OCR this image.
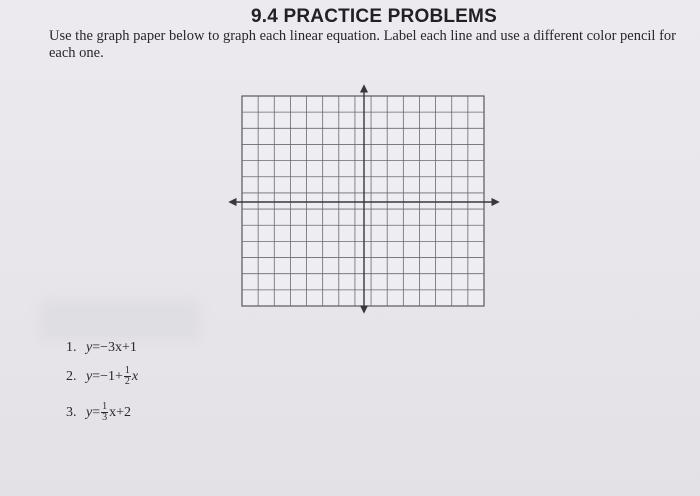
9.4 PRACTICE PROBLEMS
Use the graph paper below to graph each linear equation. Label each line and use a different color pencil for each one.
1. y = −3x+1
2. $y = -1+ \frac{1}{2}$ x
3. $y = \frac{1}{3} x+2$
